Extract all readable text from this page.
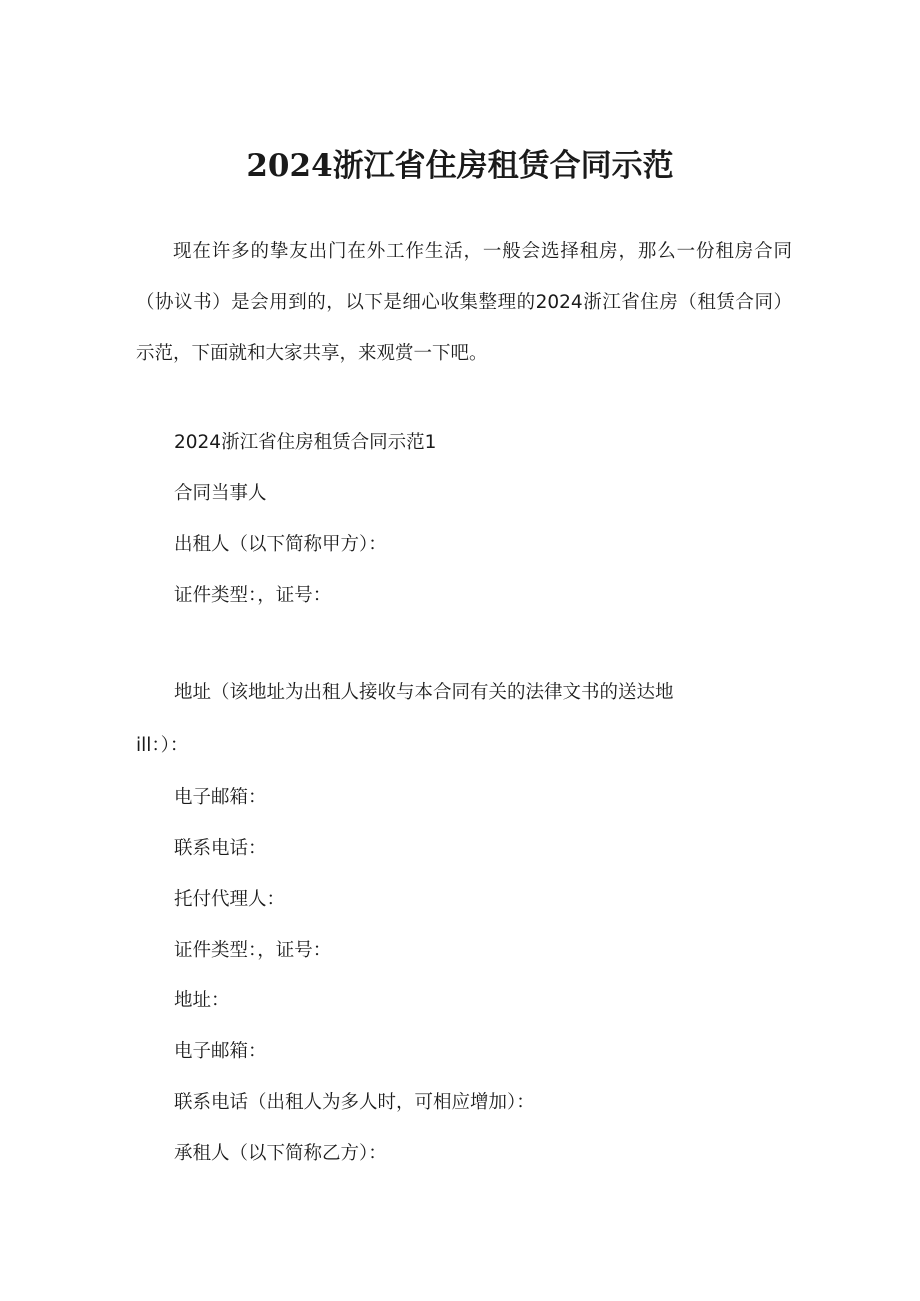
2024浙江省住房租赁合同示范

现在许多的挚友出门在外工作生活，一般会选择租房，那么一份租房合同（协议书）是会用到的，以下是细心收集整理的2024浙江省住房（租赁合同）示范，下面就和大家共享，来观赏一下吧。

2024浙江省住房租赁合同示范1

合同当事人

出租人（以下简称甲方）：

证件类型：，证号：

地址（该地址为出租人接收与本合同有关的法律文书的送达地

ill：）：

电子邮箱：

联系电话：

托付代理人：

证件类型：，证号：

地址：

电子邮箱：

联系电话（出租人为多人时，可相应增加）：

承租人（以下简称乙方）：
